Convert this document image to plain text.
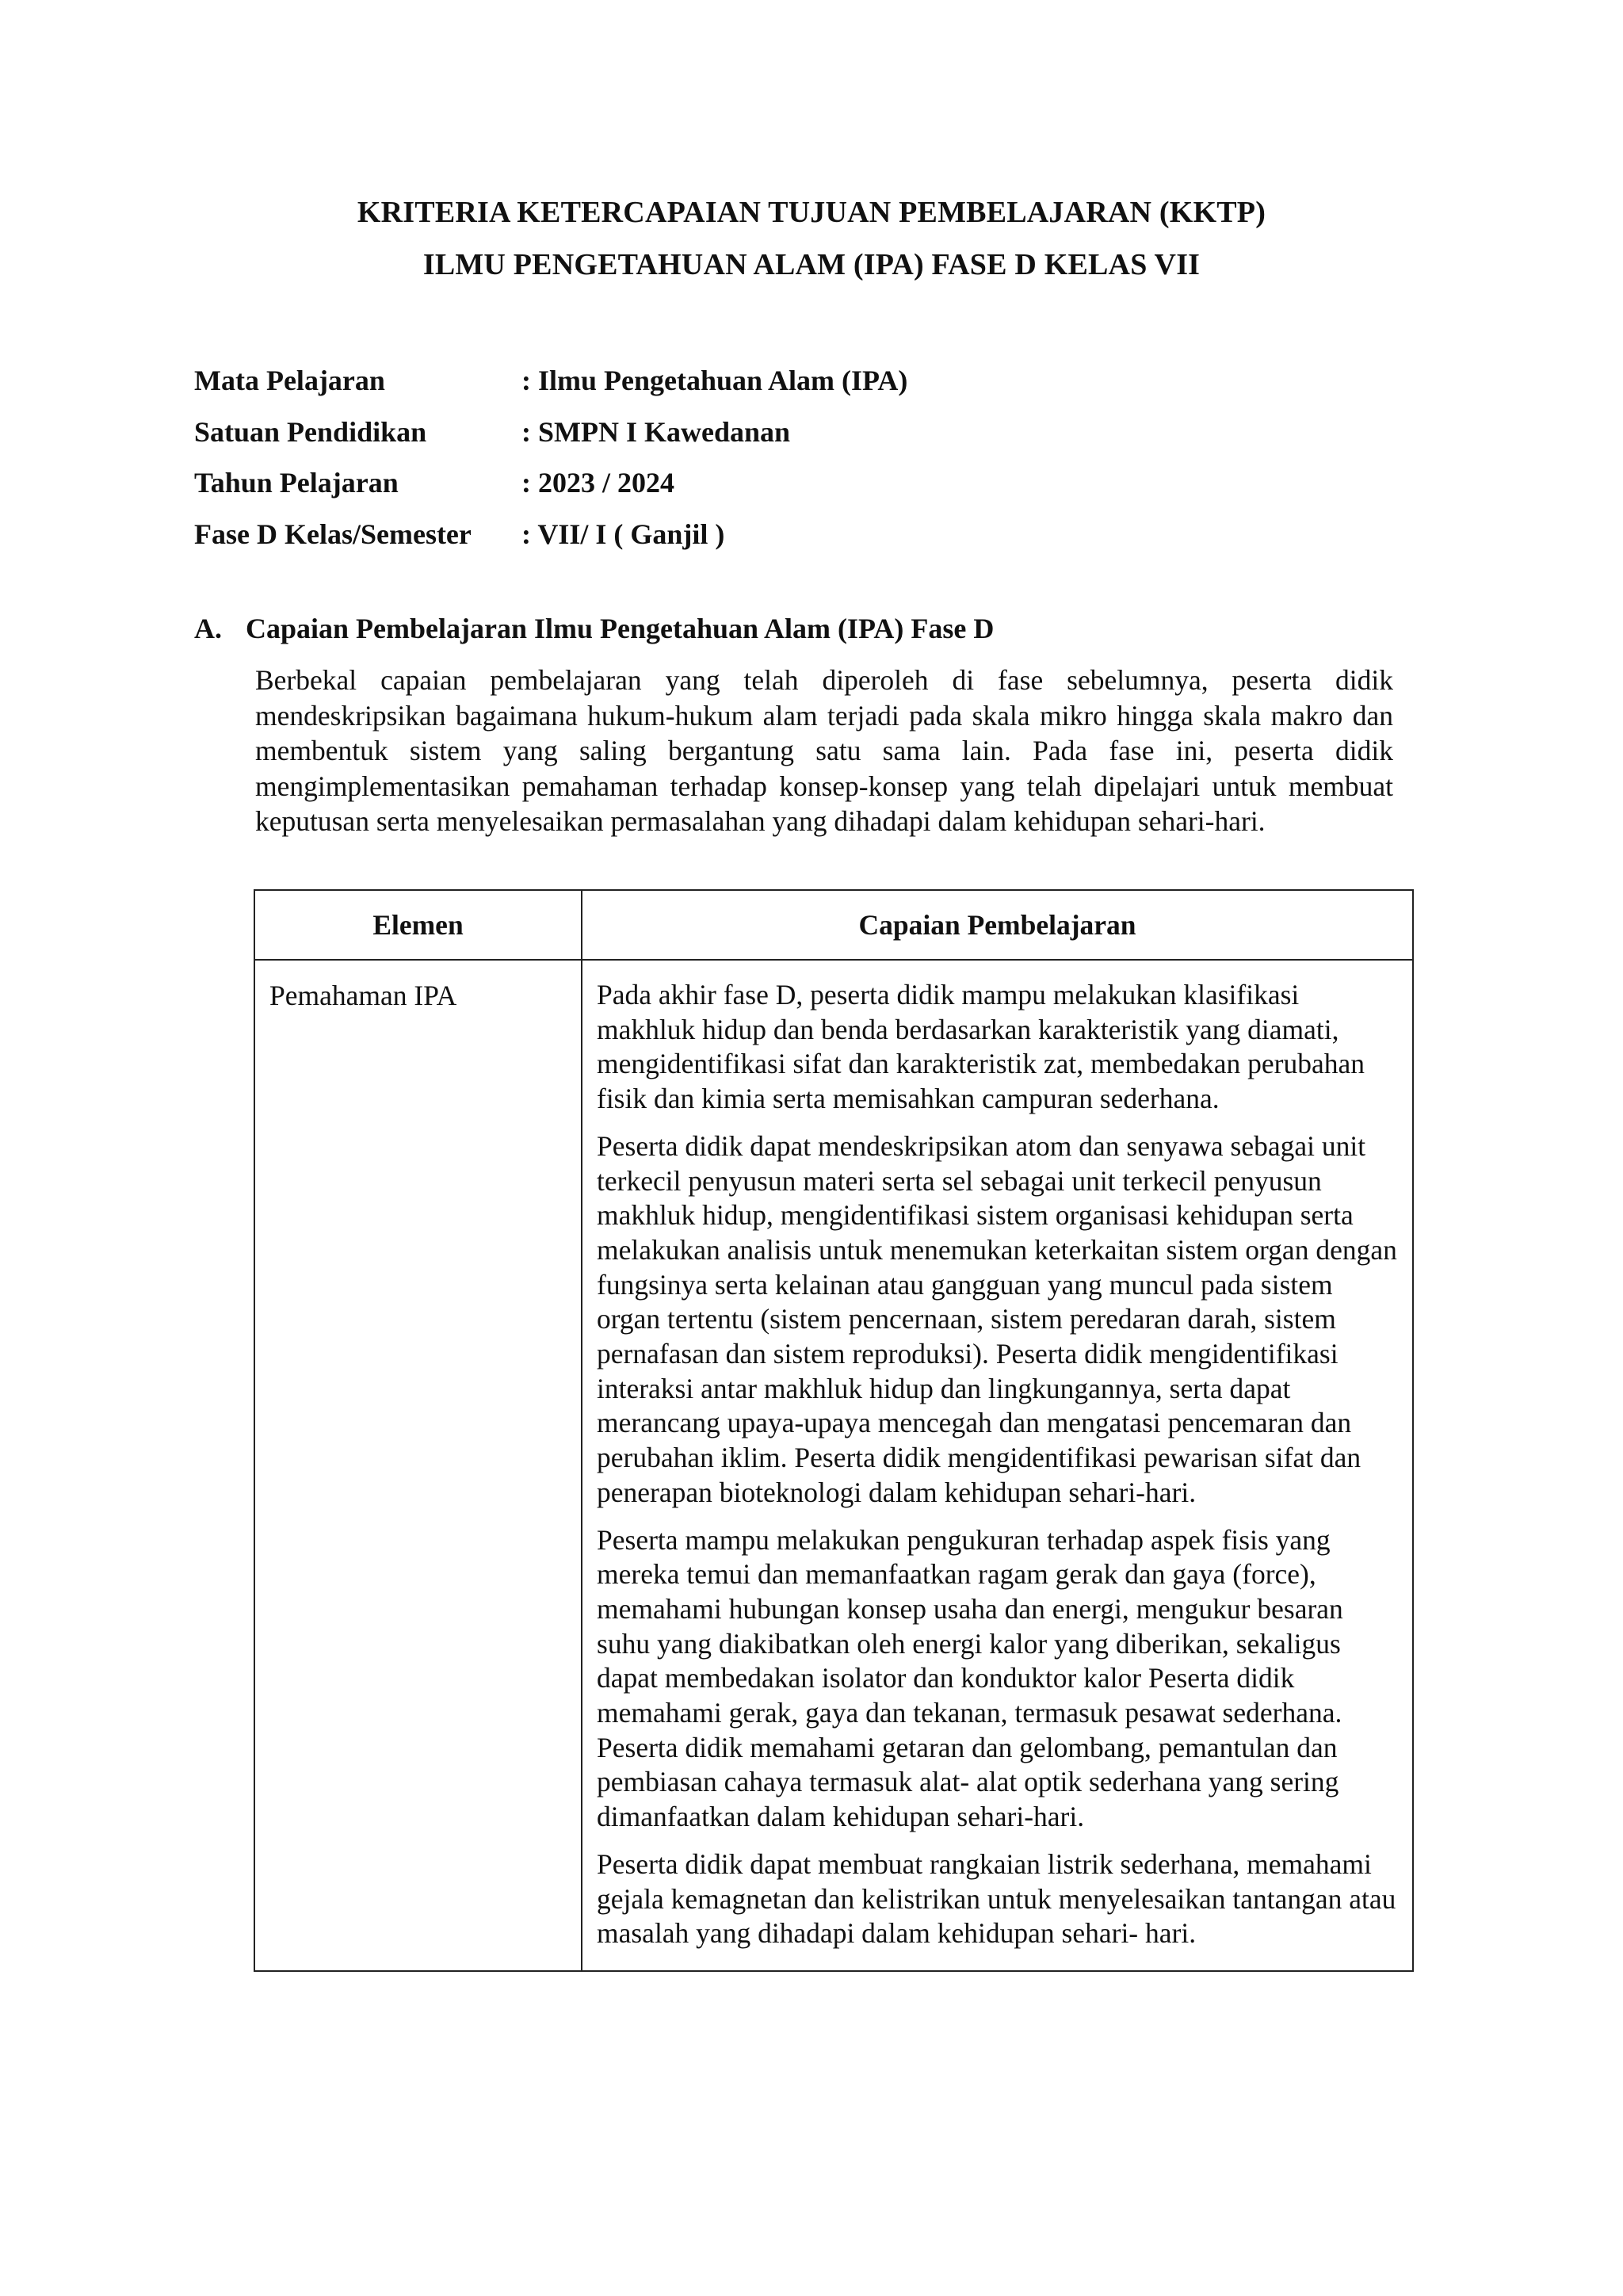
KRITERIA KETERCAPAIAN TUJUAN PEMBELAJARAN (KKTP)
ILMU PENGETAHUAN ALAM (IPA) FASE D KELAS VII
Mata Pelajaran	: Ilmu Pengetahuan Alam (IPA)
Satuan Pendidikan	: SMPN I Kawedanan
Tahun Pelajaran	: 2023 / 2024
Fase D Kelas/Semester	: VII/ I ( Ganjil )
A. Capaian Pembelajaran Ilmu Pengetahuan Alam (IPA) Fase D

Berbekal capaian pembelajaran yang telah diperoleh di fase sebelumnya, peserta didik mendeskripsikan bagaimana hukum-hukum alam terjadi pada skala mikro hingga skala makro dan membentuk sistem yang saling bergantung satu sama lain. Pada fase ini, peserta didik mengimplementasikan pemahaman terhadap konsep-konsep yang telah dipelajari untuk membuat keputusan serta menyelesaikan permasalahan yang dihadapi dalam kehidupan sehari-hari.

Elemen	Capaian Pembelajaran
Pemahaman IPA	Pada akhir fase D, peserta didik mampu melakukan klasifikasi makhluk hidup dan benda berdasarkan karakteristik yang diamati, mengidentifikasi sifat dan karakteristik zat, membedakan perubahan fisik dan kimia serta memisahkan campuran sederhana.

Peserta didik dapat mendeskripsikan atom dan senyawa sebagai unit terkecil penyusun materi serta sel sebagai unit terkecil penyusun makhluk hidup, mengidentifikasi sistem organisasi kehidupan serta melakukan analisis untuk menemukan keterkaitan sistem organ dengan fungsinya serta kelainan atau gangguan yang muncul pada sistem organ tertentu (sistem pencernaan, sistem peredaran darah, sistem pernafasan dan sistem reproduksi). Peserta didik mengidentifikasi interaksi antar makhluk hidup dan lingkungannya, serta dapat merancang upaya-upaya mencegah dan mengatasi pencemaran dan perubahan iklim. Peserta didik mengidentifikasi pewarisan sifat dan penerapan bioteknologi dalam kehidupan sehari-hari.

Peserta mampu melakukan pengukuran terhadap aspek fisis yang mereka temui dan memanfaatkan ragam gerak dan gaya (force), memahami hubungan konsep usaha dan energi, mengukur besaran suhu yang diakibatkan oleh energi kalor yang diberikan, sekaligus dapat membedakan isolator dan konduktor kalor Peserta didik memahami gerak, gaya dan tekanan, termasuk pesawat sederhana. Peserta didik memahami getaran dan gelombang, pemantulan dan pembiasan cahaya termasuk alat- alat optik sederhana yang sering dimanfaatkan dalam kehidupan sehari-hari.

Peserta didik dapat membuat rangkaian listrik sederhana, memahami gejala kemagnetan dan kelistrikan untuk menyelesaikan tantangan atau masalah yang dihadapi dalam kehidupan sehari- hari.
